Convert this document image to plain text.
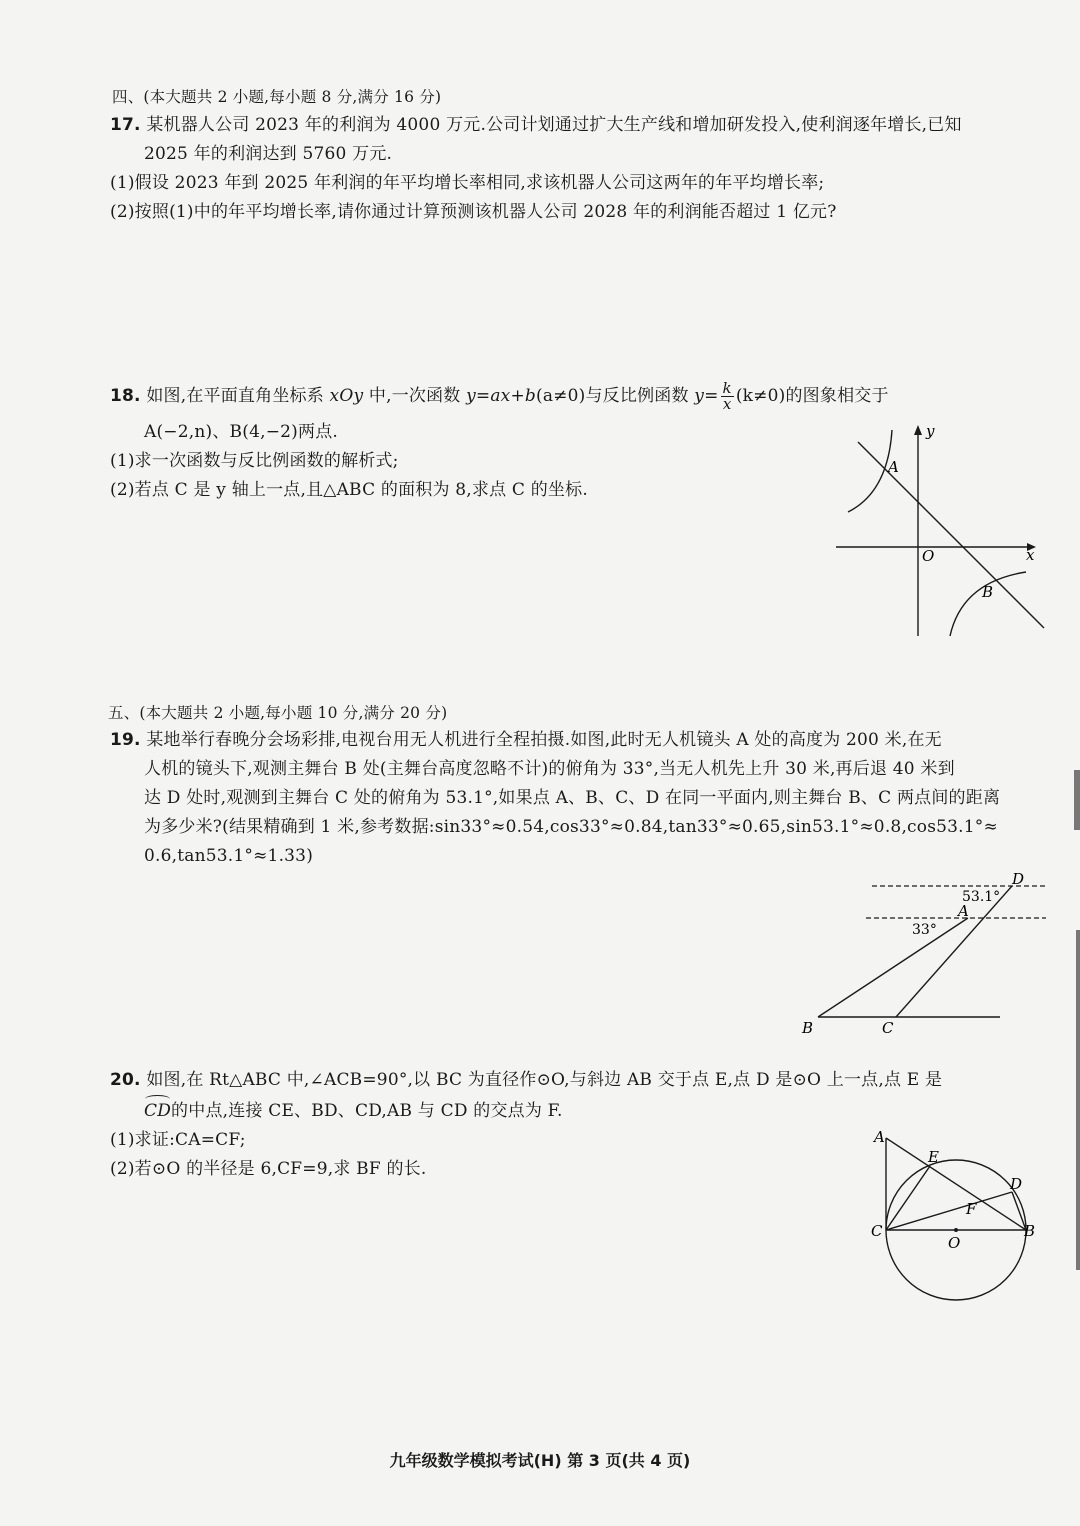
四、(本大题共 2 小题,每小题 8 分,满分 16 分)
17. 某机器人公司 2023 年的利润为 4000 万元.公司计划通过扩大生产线和增加研发投入,使利润逐年增长,已知
2025 年的利润达到 5760 万元.
(1)假设 2023 年到 2025 年利润的年平均增长率相同,求该机器人公司这两年的年平均增长率;
(2)按照(1)中的年平均增长率,请你通过计算预测该机器人公司 2028 年的利润能否超过 1 亿元?
18. 如图,在平面直角坐标系 xOy 中,一次函数 y=ax+b(a≠0)与反比例函数 $y= \frac{k}{x} (k\ne 0)$的图象相交于
A(−2,n)、B(4,−2)两点.
(1)求一次函数与反比例函数的解析式;
(2)若点 C 是 y 轴上一点,且△ABC 的面积为 8,求点 C 的坐标.
A
O
B
x
y
五、(本大题共 2 小题,每小题 10 分,满分 20 分)
19. 某地举行春晚分会场彩排,电视台用无人机进行全程拍摄.如图,此时无人机镜头 A 处的高度为 200 米,在无
人机的镜头下,观测主舞台 B 处(主舞台高度忽略不计)的俯角为 33°,当无人机先上升 30 米,再后退 40 米到
达 D 处时,观测到主舞台 C 处的俯角为 53.1°,如果点 A、B、C、D 在同一平面内,则主舞台 B、C 两点间的距离
为多少米?(结果精确到 1 米,参考数据:sin33°≈0.54,cos33°≈0.84,tan33°≈0.65,sin53.1°≈0.8,cos53.1°≈
0.6,tan53.1°≈1.33)
D
A
B	C
53.1°
33°
20. 如图,在 Rt△ABC 中,∠ACB=90°,以 BC 为直径作⊙O,与斜边 AB 交于点 E,点 D 是⊙O 上一点,点 E 是
CD的中点,连接 CE、BD、CD,AB 与 CD 的交点为 F.
(1)求证:CA=CF;
(2)若⊙O 的半径是 6,CF=9,求 BF 的长.
A
E
D
F
C	B
O
九年级数学模拟考试(H) 第 3 页(共 4 页)
